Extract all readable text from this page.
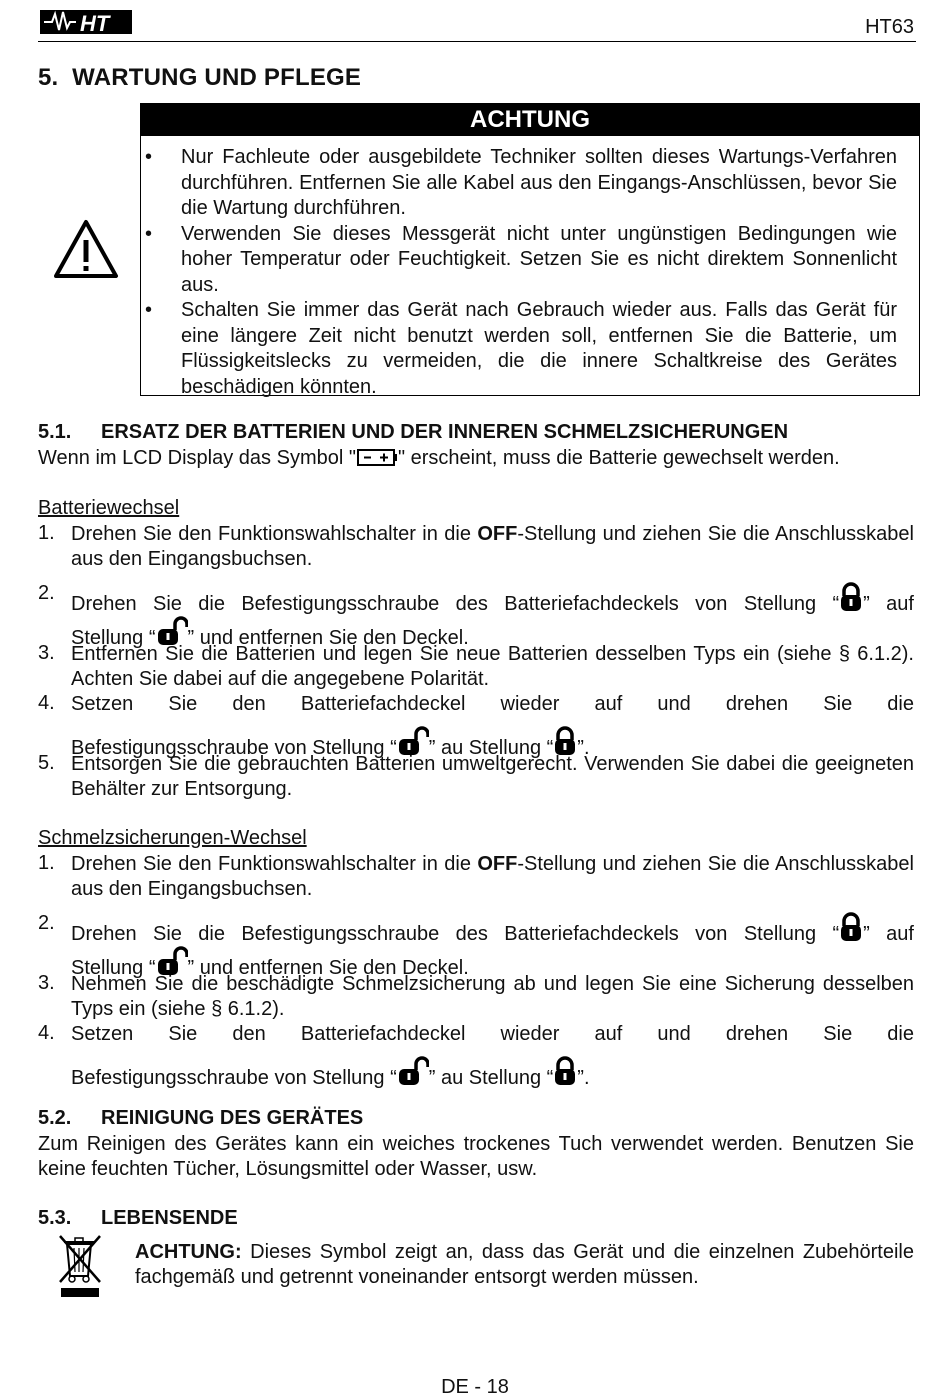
HT	HT63
5. WARTUNG UND PFLEGE
ACHTUNG
• Nur Fachleute oder ausgebildete Techniker sollten dieses Wartungs-Verfahren durchführen. Entfernen Sie alle Kabel aus den Eingangs-Anschlüssen, bevor Sie die Wartung durchführen.
• Verwenden Sie dieses Messgerät nicht unter ungünstigen Bedingungen wie hoher Temperatur oder Feuchtigkeit. Setzen Sie es nicht direktem Sonnenlicht aus.
• Schalten Sie immer das Gerät nach Gebrauch wieder aus. Falls das Gerät für eine längere Zeit nicht benutzt werden soll, entfernen Sie die Batterie, um Flüssigkeitslecks zu vermeiden, die die innere Schaltkreise des Gerätes beschädigen könnten.
5.1. ERSATZ DER BATTERIEN UND DER INNEREN SCHMELZSICHERUNGEN
Wenn im LCD Display das Symbol " " erscheint, muss die Batterie gewechselt werden.
Batteriewechsel
1. Drehen Sie den Funktionswahlschalter in die OFF-Stellung und ziehen Sie die Anschlusskabel aus den Eingangsbuchsen.
2. Drehen Sie die Befestigungsschraube des Batteriefachdeckels von Stellung “ ” auf
Stellung “ ” und entfernen Sie den Deckel.
3. Entfernen Sie die Batterien und legen Sie neue Batterien desselben Typs ein (siehe § 6.1.2). Achten Sie dabei auf die angegebene Polarität.
4. Setzen Sie den Batteriefachdeckel wieder auf und drehen Sie die
Befestigungsschraube von Stellung “ ” au Stellung “ ”.
5. Entsorgen Sie die gebrauchten Batterien umweltgerecht. Verwenden Sie dabei die geeigneten Behälter zur Entsorgung.
Schmelzsicherungen-Wechsel
1. Drehen Sie den Funktionswahlschalter in die OFF-Stellung und ziehen Sie die Anschlusskabel aus den Eingangsbuchsen.
2. Drehen Sie die Befestigungsschraube des Batteriefachdeckels von Stellung “ ” auf
Stellung “ ” und entfernen Sie den Deckel.
3. Nehmen Sie die beschädigte Schmelzsicherung ab und legen Sie eine Sicherung desselben Typs ein (siehe § 6.1.2).
4. Setzen Sie den Batteriefachdeckel wieder auf und drehen Sie die
Befestigungsschraube von Stellung “ ” au Stellung “ ”.
5.2. REINIGUNG DES GERÄTES
Zum Reinigen des Gerätes kann ein weiches trockenes Tuch verwendet werden. Benutzen Sie keine feuchten Tücher, Lösungsmittel oder Wasser, usw.
5.3. LEBENSENDE
ACHTUNG: Dieses Symbol zeigt an, dass das Gerät und die einzelnen Zubehörteile fachgemäß und getrennt voneinander entsorgt werden müssen.
DE - 18
